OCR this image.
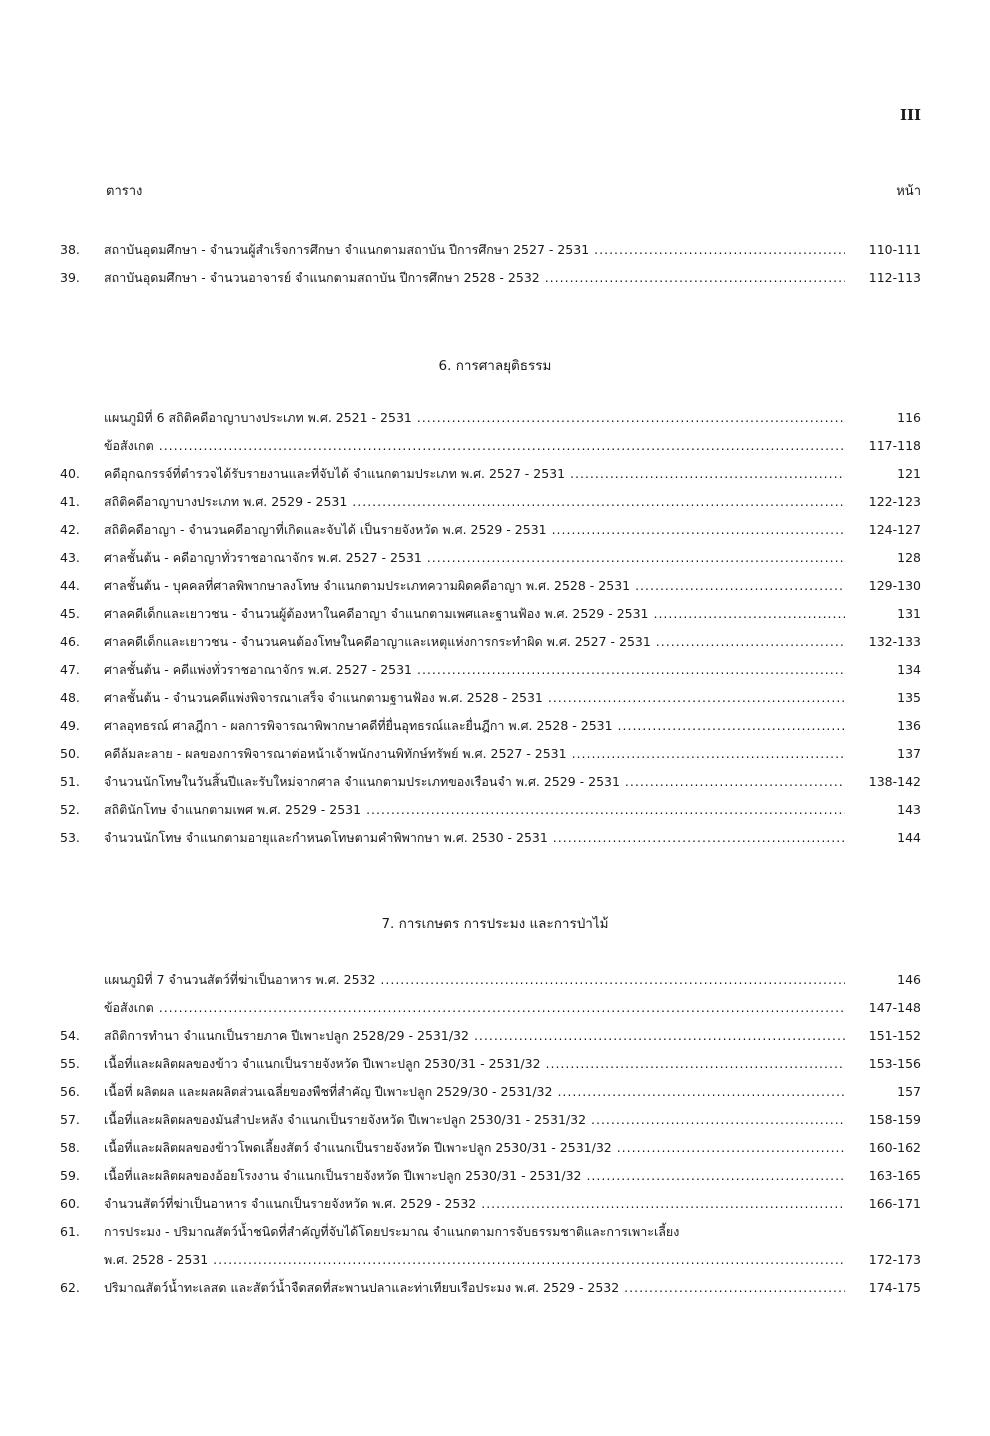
III
ตาราง	หน้า
38.	สถาบันอุดมศึกษา - จำนวนผู้สำเร็จการศึกษา จำแนกตามสถาบัน ปีการศึกษา 2527 - 2531 .....	110-111
39.	สถาบันอุดมศึกษา - จำนวนอาจารย์ จำแนกตามสถาบัน ปีการศึกษา 2528 - 2532 .....	112-113
6. การศาลยุติธรรม
แผนภูมิที่ 6 สถิติคดีอาญาบางประเภท พ.ศ. 2521 - 2531 .....	116
ข้อสังเกต .....	117-118
40.	คดีอุกฉกรรจ์ที่ตำรวจได้รับรายงานและที่จับได้ จำแนกตามประเภท พ.ศ. 2527 - 2531 .....	121
41.	สถิติคดีอาญาบางประเภท พ.ศ. 2529 - 2531 .....	122-123
42.	สถิติคดีอาญา - จำนวนคดีอาญาที่เกิดและจับได้ เป็นรายจังหวัด พ.ศ. 2529 - 2531 .....	124-127
43.	ศาลชั้นต้น - คดีอาญาทั่วราชอาณาจักร พ.ศ. 2527 - 2531 .....	128
44.	ศาลชั้นต้น - บุคคลที่ศาลพิพากษาลงโทษ จำแนกตามประเภทความผิดคดีอาญา พ.ศ. 2528 - 2531 .....	129-130
45.	ศาลคดีเด็กและเยาวชน - จำนวนผู้ต้องหาในคดีอาญา จำแนกตามเพศและฐานฟ้อง พ.ศ. 2529 - 2531 .....	131
46.	ศาลคดีเด็กและเยาวชน - จำนวนคนต้องโทษในคดีอาญาและเหตุแห่งการกระทำผิด พ.ศ. 2527 - 2531 .....	132-133
47.	ศาลชั้นต้น - คดีแพ่งทั่วราชอาณาจักร พ.ศ. 2527 - 2531 .....	134
48.	ศาลชั้นต้น - จำนวนคดีแพ่งพิจารณาเสร็จ จำแนกตามฐานฟ้อง พ.ศ. 2528 - 2531 .....	135
49.	ศาลอุทธรณ์ ศาลฎีกา - ผลการพิจารณาพิพากษาคดีที่ยื่นอุทธรณ์และยื่นฎีกา พ.ศ. 2528 - 2531 .....	136
50.	คดีล้มละลาย - ผลของการพิจารณาต่อหน้าเจ้าพนักงานพิทักษ์ทรัพย์ พ.ศ. 2527 - 2531 .....	137
51.	จำนวนนักโทษในวันสิ้นปีและรับใหม่จากศาล จำแนกตามประเภทของเรือนจำ พ.ศ. 2529 - 2531 .....	138-142
52.	สถิตินักโทษ จำแนกตามเพศ พ.ศ. 2529 - 2531 .....	143
53.	จำนวนนักโทษ จำแนกตามอายุและกำหนดโทษตามคำพิพากษา พ.ศ. 2530 - 2531 .....	144
7. การเกษตร การประมง และการป่าไม้
แผนภูมิที่ 7 จำนวนสัตว์ที่ฆ่าเป็นอาหาร พ.ศ. 2532 .....	146
ข้อสังเกต .....	147-148
54.	สถิติการทำนา จำแนกเป็นรายภาค ปีเพาะปลูก 2528/29 - 2531/32 .....	151-152
55.	เนื้อที่และผลิตผลของข้าว จำแนกเป็นรายจังหวัด ปีเพาะปลูก 2530/31 - 2531/32 .....	153-156
56.	เนื้อที่ ผลิตผล และผลผลิตส่วนเฉลี่ยของพืชที่สำคัญ ปีเพาะปลูก 2529/30 - 2531/32 .....	157
57.	เนื้อที่และผลิตผลของมันสำปะหลัง จำแนกเป็นรายจังหวัด ปีเพาะปลูก 2530/31 - 2531/32 .....	158-159
58.	เนื้อที่และผลิตผลของข้าวโพดเลี้ยงสัตว์ จำแนกเป็นรายจังหวัด ปีเพาะปลูก 2530/31 - 2531/32 .....	160-162
59.	เนื้อที่และผลิตผลของอ้อยโรงงาน จำแนกเป็นรายจังหวัด ปีเพาะปลูก 2530/31 - 2531/32 .....	163-165
60.	จำนวนสัตว์ที่ฆ่าเป็นอาหาร จำแนกเป็นรายจังหวัด พ.ศ. 2529 - 2532 .....	166-171
61.	การประมง - ปริมาณสัตว์น้ำชนิดที่สำคัญที่จับได้โดยประมาณ จำแนกตามการจับธรรมชาติและการเพาะเลี้ยง
พ.ศ. 2528 - 2531 .....	172-173
62.	ปริมาณสัตว์น้ำทะเลสด และสัตว์น้ำจืดสดที่สะพานปลาและท่าเทียบเรือประมง พ.ศ. 2529 - 2532 .....	174-175
